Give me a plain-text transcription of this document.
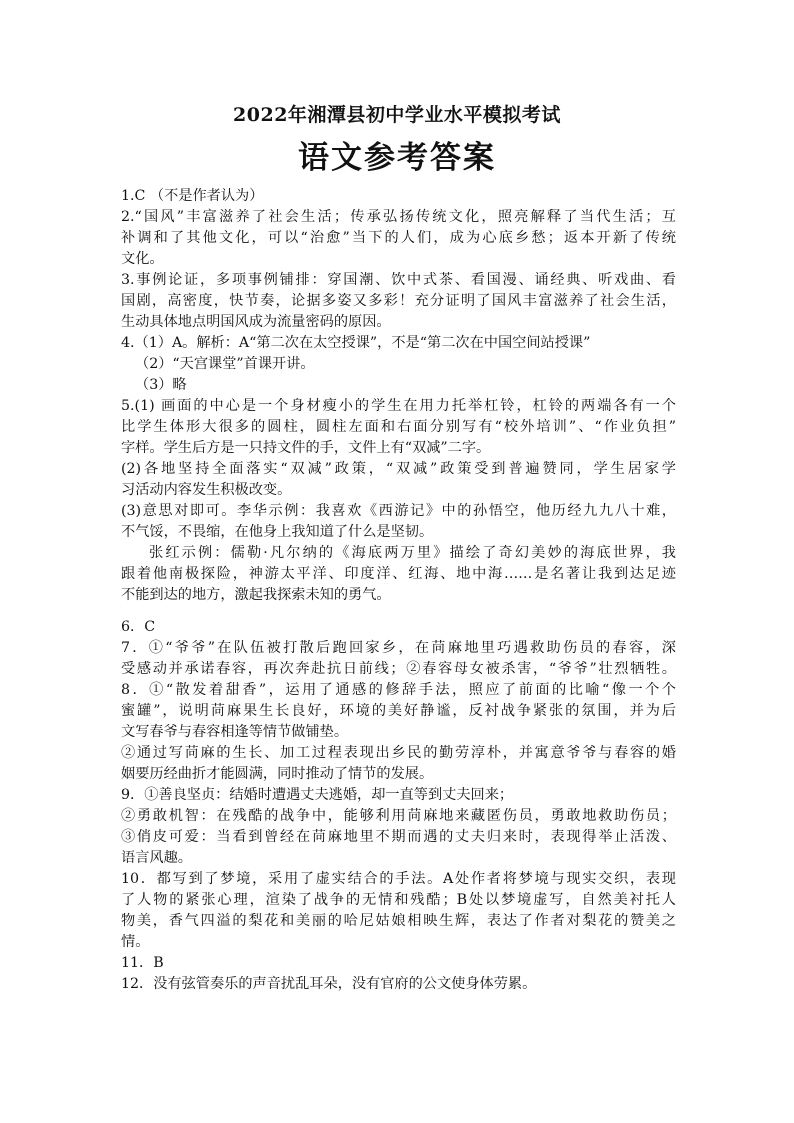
2022年湘潭县初中学业水平模拟考试
语文参考答案
1.C （不是作者认为）
2.“国风”丰富滋养了社会生活；传承弘扬传统文化，照亮解释了当代生活；互
补调和了其他文化，可以“治愈”当下的人们，成为心底乡愁；返本开新了传统
文化。
3.事例论证，多项事例铺排：穿国潮、饮中式茶、看国漫、诵经典、听戏曲、看
国剧，高密度，快节奏，论据多姿又多彩！充分证明了国风丰富滋养了社会生活，
生动具体地点明国风成为流量密码的原因。
4.（1）A。解析：A“第二次在太空授课”，不是“第二次在中国空间站授课”
（2）“天宫课堂”首课开讲。
（3）略
5.(1) 画面的中心是一个身材瘦小的学生在用力托举杠铃，杠铃的两端各有一个
比学生体形大很多的圆柱，圆柱左面和右面分别写有“校外培训”、“作业负担”
字样。学生后方是一只持文件的手，文件上有“双减”二字。
(2)各地坚持全面落实“双减”政策，“双减”政策受到普遍赞同，学生居家学
习活动内容发生积极改变。
(3)意思对即可。李华示例：我喜欢《西游记》中的孙悟空，他历经九九八十难，
不气馁，不畏缩，在他身上我知道了什么是坚韧。
张红示例：儒勒·凡尔纳的《海底两万里》描绘了奇幻美妙的海底世界，我
跟着他南极探险，神游太平洋、印度洋、红海、地中海……是名著让我到达足迹
不能到达的地方，激起我探索未知的勇气。
6．C
7．①“爷爷”在队伍被打散后跑回家乡，在苘麻地里巧遇救助伤员的春容，深
受感动并承诺春容，再次奔赴抗日前线；②春容母女被杀害，“爷爷”壮烈牺牲。
8．①“散发着甜香”，运用了通感的修辞手法，照应了前面的比喻“像一个个
蜜罐”，说明苘麻果生长良好，环境的美好静谧，反衬战争紧张的氛围，并为后
文写春爷与春容相逢等情节做铺垫。
②通过写苘麻的生长、加工过程表现出乡民的勤劳淳朴，并寓意爷爷与春容的婚
姻要历经曲折才能圆满，同时推动了情节的发展。
9．①善良坚贞：结婚时遭遇丈夫逃婚，却一直等到丈夫回来；
②勇敢机智：在残酷的战争中，能够利用苘麻地来藏匿伤员，勇敢地救助伤员；
③俏皮可爱：当看到曾经在苘麻地里不期而遇的丈夫归来时，表现得举止活泼、
语言风趣。
10．都写到了梦境，采用了虚实结合的手法。A处作者将梦境与现实交织，表现
了人物的紧张心理，渲染了战争的无情和残酷；B处以梦境虚写，自然美衬托人
物美，香气四溢的梨花和美丽的哈尼姑娘相映生辉，表达了作者对梨花的赞美之
情。
11．B
12．没有弦管奏乐的声音扰乱耳朵，没有官府的公文使身体劳累。
